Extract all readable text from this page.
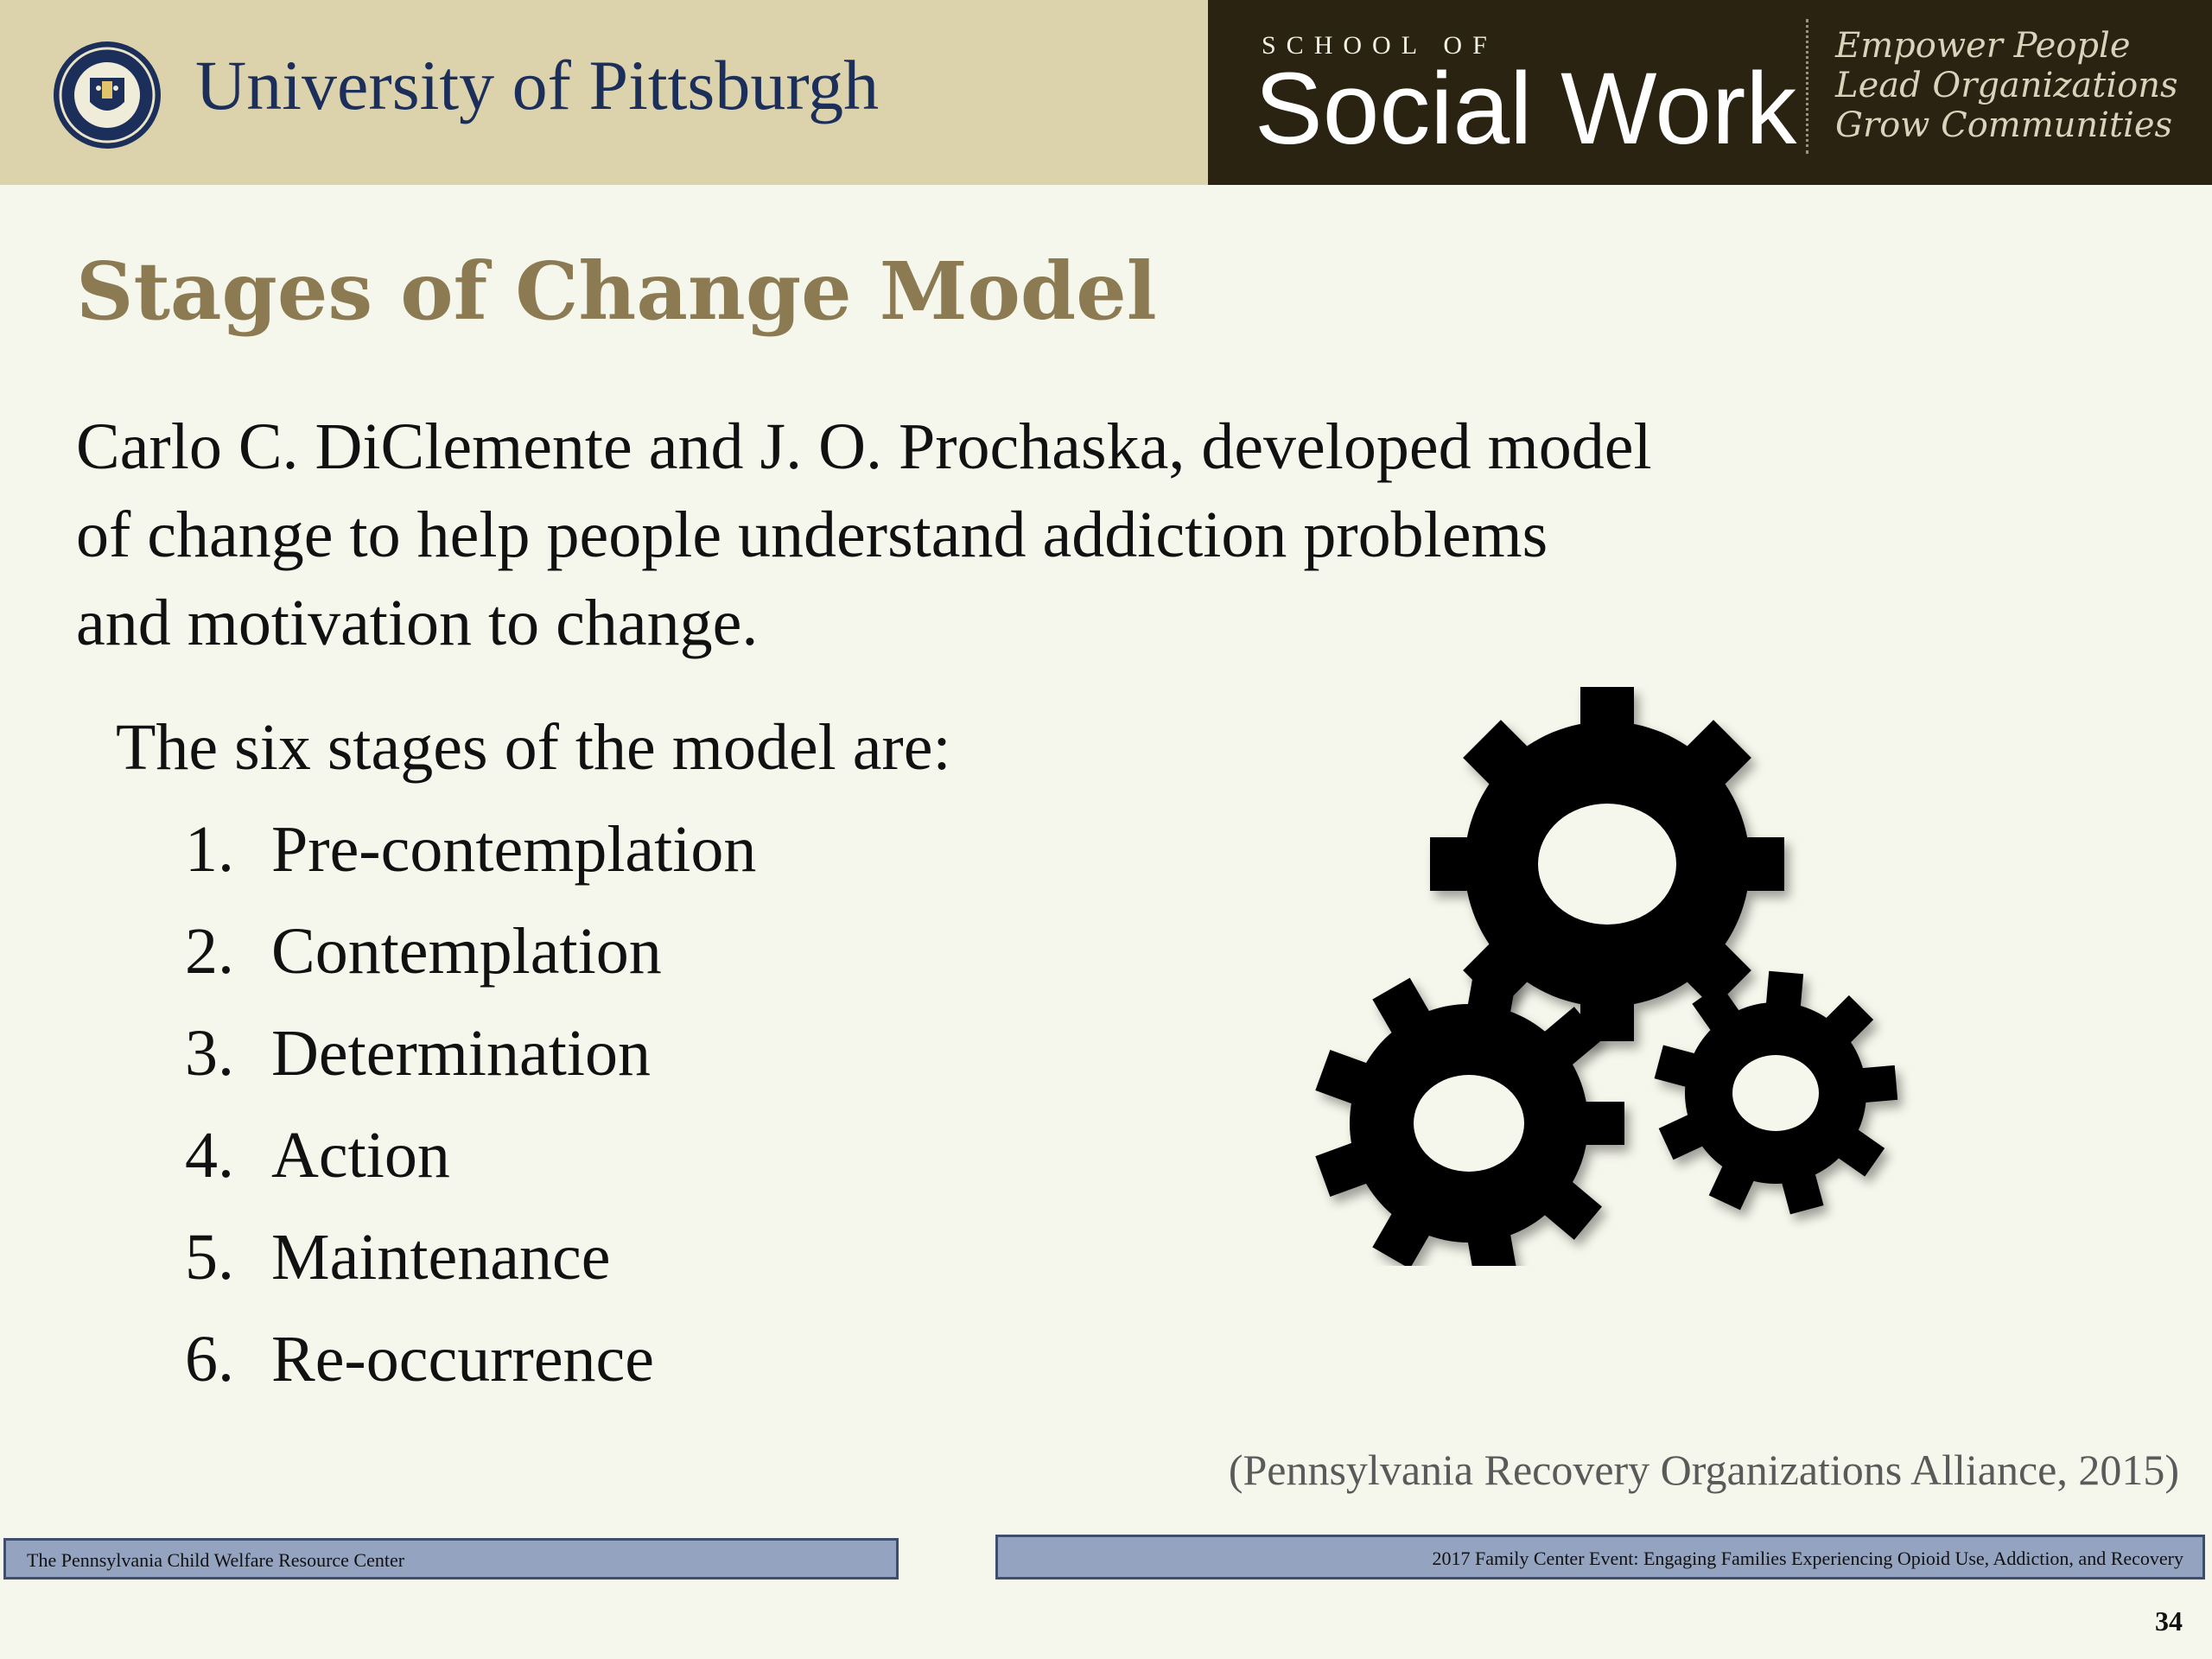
University of Pittsburgh
SCHOOL OF
Social Work
Empower People
Lead Organizations
Grow Communities
Stages of Change Model
Carlo C. DiClemente and J. O. Prochaska, developed model
of change to help people understand addiction problems
and motivation to change.
The six stages of the model are:
1. Pre-contemplation
2. Contemplation
3. Determination
4. Action
5. Maintenance
6. Re-occurrence
(Pennsylvania Recovery Organizations Alliance, 2015)
The Pennsylvania Child Welfare Resource Center	2017 Family Center Event: Engaging Families Experiencing Opioid Use, Addiction, and Recovery
34
